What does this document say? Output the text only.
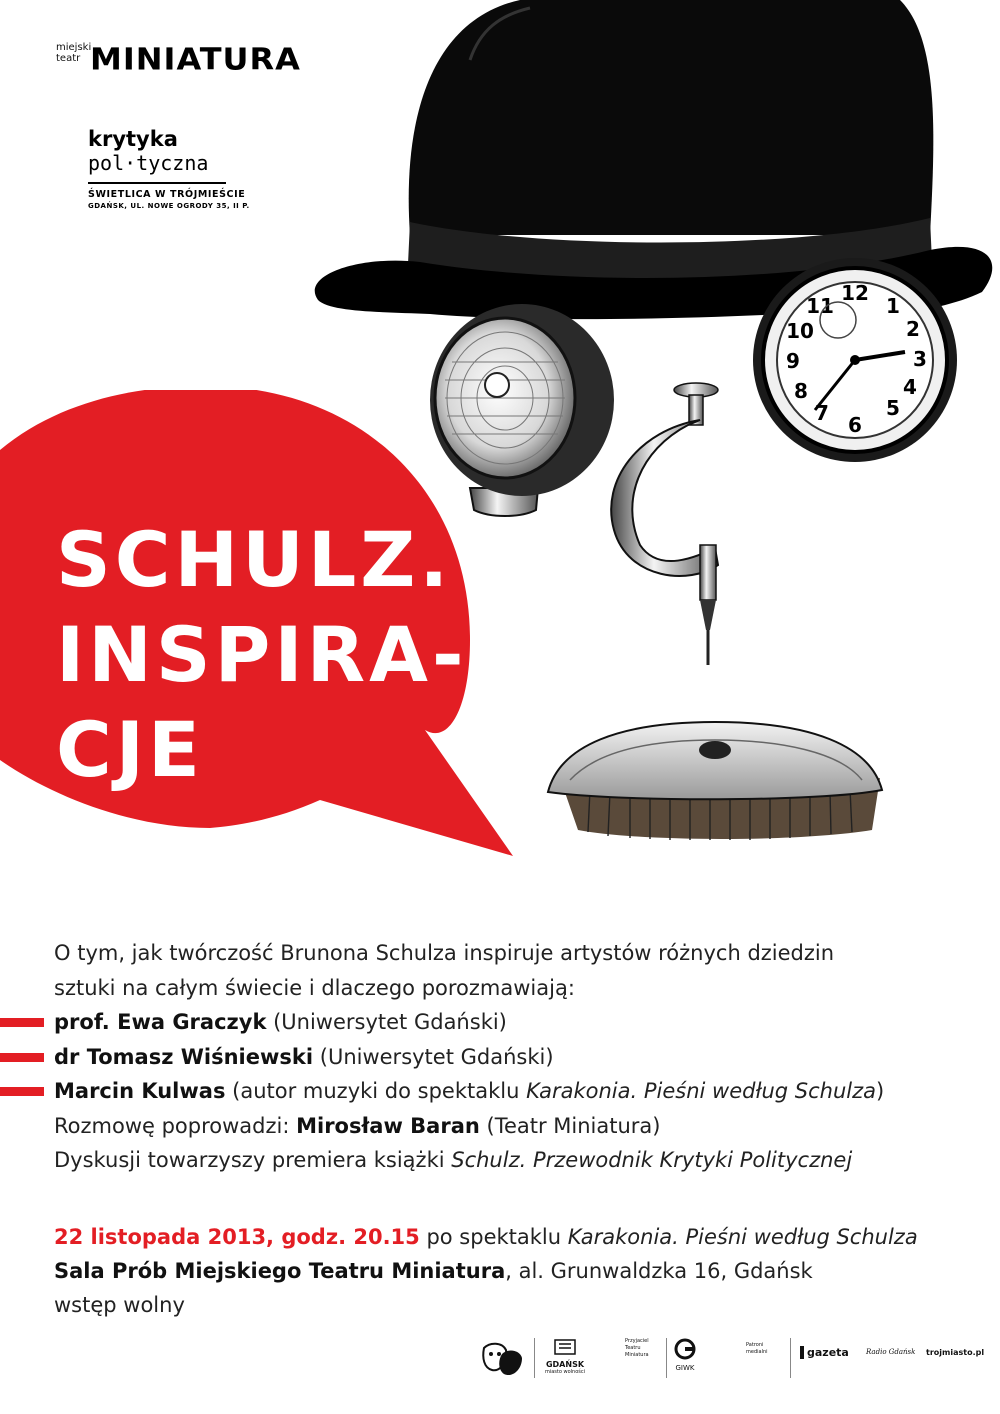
miejski teatr MINIATURA
krytyka
pol·tyczna
ŚWIETLICA W TRÓJMIEŚCIE
GDAŃSK, UL. NOWE OGRODY 35, II P.
12
1
2
3
4
5
6
7
8
9
10
11
SCHULZ.
INSPIRA-
CJE
O tym, jak twórczość Brunona Schulza inspiruje artystów różnych dziedzin
sztuki na całym świecie i dlaczego porozmawiają:
prof. Ewa Graczyk (Uniwersytet Gdański)
dr Tomasz Wiśniewski (Uniwersytet Gdański)
Marcin Kulwas (autor muzyki do spektaklu Karakonia. Pieśni według Schulza)
Rozmowę poprowadzi: Mirosław Baran (Teatr Miniatura)
Dyskusji towarzyszy premiera książki Schulz. Przewodnik Krytyki Politycznej
22 listopada 2013, godz. 20.15 po spektaklu Karakonia. Pieśni według Schulza
Sala Prób Miejskiego Teatru Miniatura, al. Grunwaldzka 16, Gdańsk
wstęp wolny
GDAŃSK
miasto wolności
Przyjaciel
Teatru
Miniatura
GIWK
Patroni
medialni	gazeta Radio Gdańsk trojmiasto.pl
